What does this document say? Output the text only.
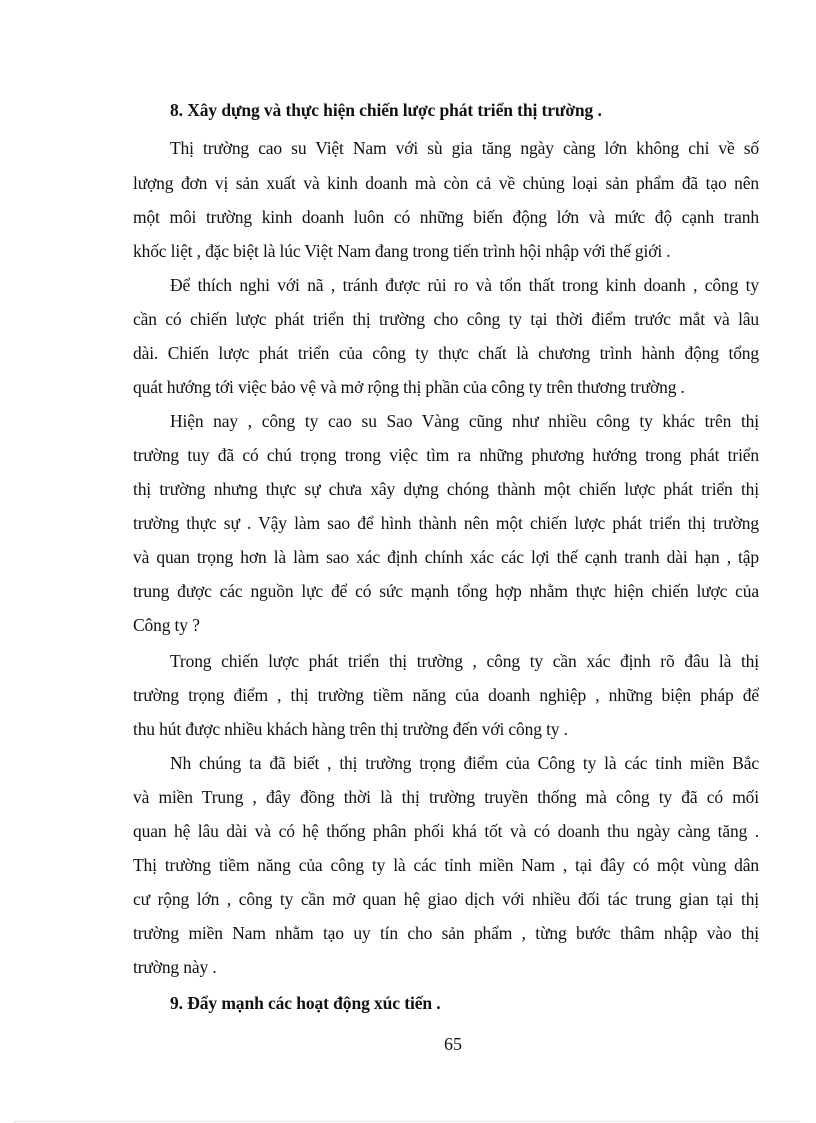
8. Xây dựng và thực hiện chiến lược phát triển thị trường .
Thị trường cao su Việt Nam với sù gia tăng ngày càng lớn không chỉ về số
lượng đơn vị sản xuất và kinh doanh mà còn cả về chủng loại sản phẩm đã tạo nên
một môi trường kinh doanh luôn có những biến động lớn và mức độ cạnh tranh
khốc liệt , đặc biệt là lúc Việt Nam đang trong tiến trình hội nhập với thế giới .
Để thích nghi với nã , tránh được rủi ro và tổn thất trong kinh doanh , công ty
cần có chiến lược phát triển thị trường cho công ty tại thời điểm trước mắt và lâu
dài. Chiến lược phát triển của công ty thực chất là chương trình hành động tổng
quát hướng tới việc bảo vệ và mở rộng thị phần của công ty trên thương trường .
Hiện nay , công ty cao su Sao Vàng cũng như nhiều công ty khác trên thị
trường tuy đã có chú trọng trong việc tìm ra những phương hướng trong phát triển
thị trường nhưng thực sự chưa xây dựng chóng thành một chiến lược phát triển thị
trường thực sự . Vậy làm sao để hình thành nên một chiến lược phát triển thị trường
và quan trọng hơn là làm sao xác định chính xác các lợi thế cạnh tranh dài hạn , tập
trung được các nguồn lực để có sức mạnh tổng hợp nhằm thực hiện chiến lược của
Công ty ?
Trong chiến lược phát triển thị trường , công ty cần xác định rõ đâu là thị
trường trọng điểm , thị trường tiềm năng của doanh nghiệp , những biện pháp để
thu hút được nhiều khách hàng trên thị trường đến với công ty .
Nh chúng ta đã biết , thị trường trọng điểm của Công ty là các tỉnh miền Bắc
và miền Trung , đây đồng thời là thị trường truyền thống mà công ty đã có mối
quan hệ lâu dài và có hệ thống phân phối khá tốt và có doanh thu ngày càng tăng .
Thị trường tiềm năng của công ty là các tỉnh miền Nam , tại đây có một vùng dân
cư rộng lớn , công ty cần mở quan hệ giao dịch với nhiều đối tác trung gian tại thị
trường miền Nam nhằm tạo uy tín cho sản phẩm , từng bước thâm nhập vào thị
trường này .
9. Đẩy mạnh các hoạt động xúc tiến .
65
